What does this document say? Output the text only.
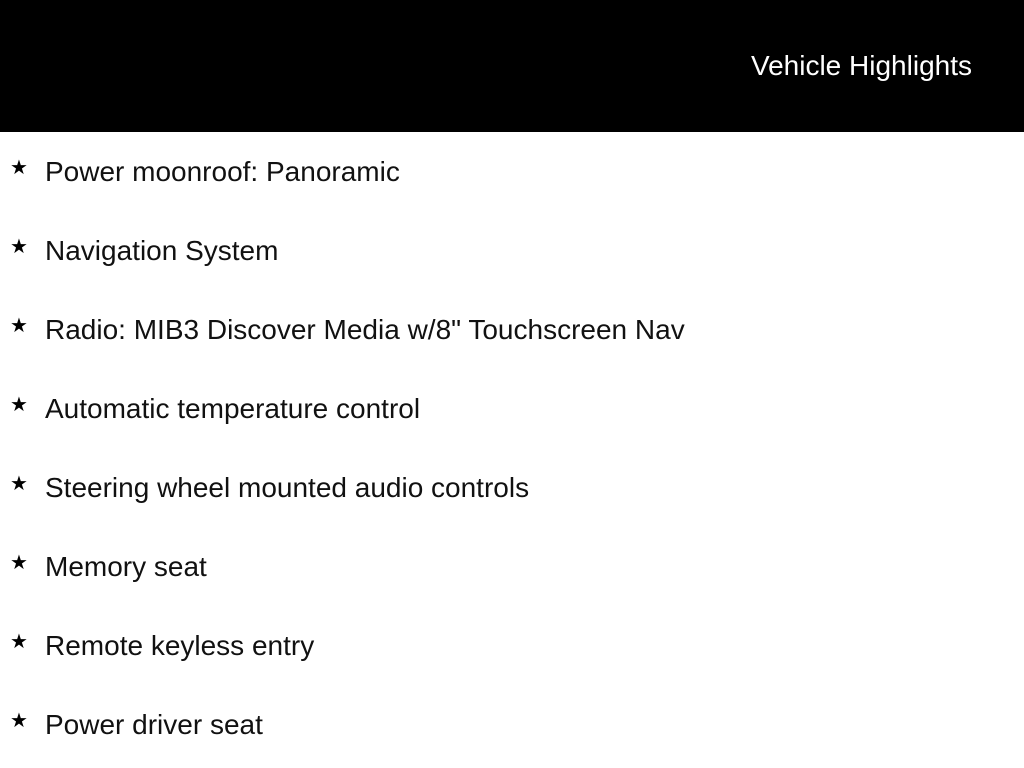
Vehicle Highlights
★ Power moonroof: Panoramic
★ Navigation System
★ Radio: MIB3 Discover Media w/8" Touchscreen Nav
★ Automatic temperature control
★ Steering wheel mounted audio controls
★ Memory seat
★ Remote keyless entry
★ Power driver seat
